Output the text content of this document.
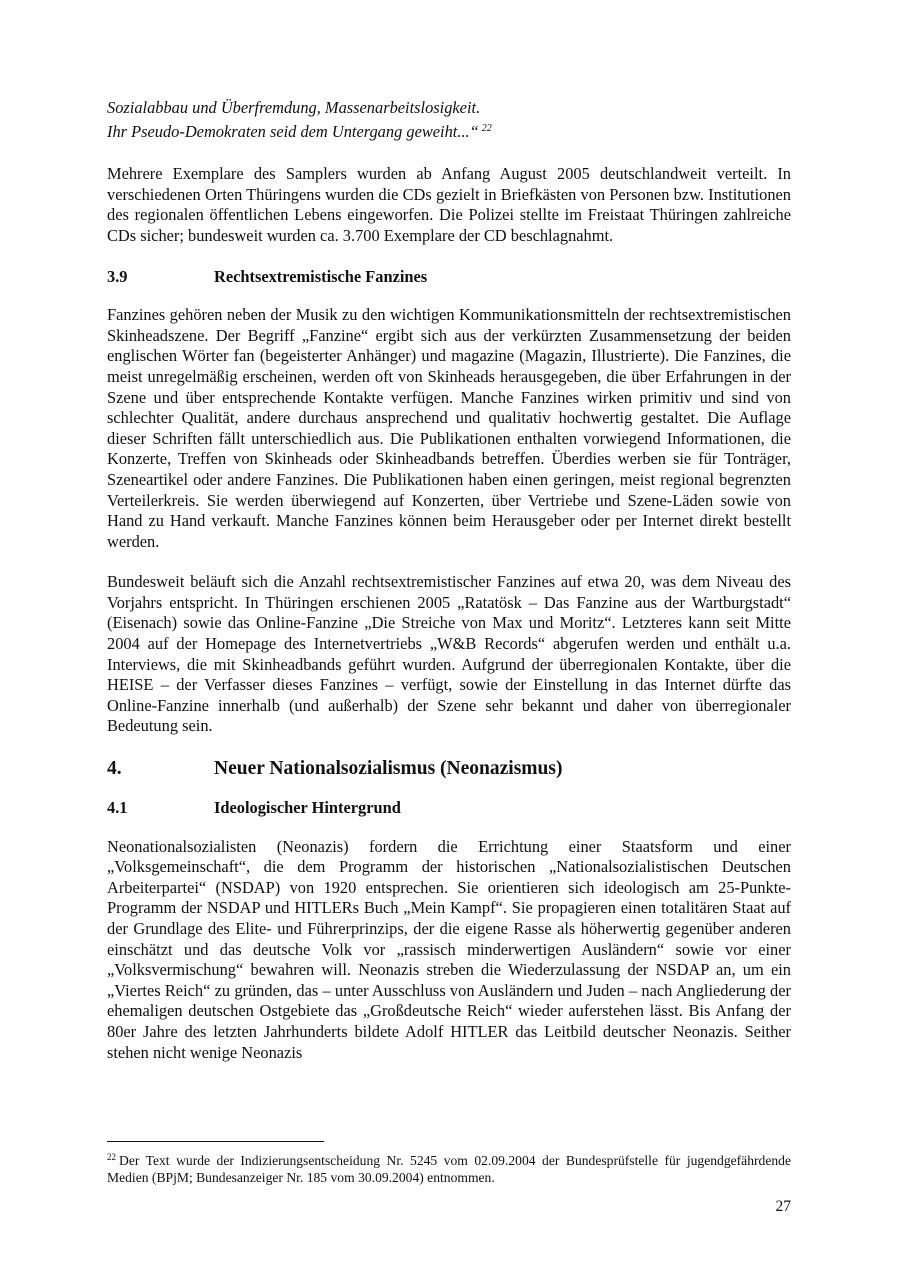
Sozialabbau und Überfremdung, Massenarbeitslosigkeit.

Ihr Pseudo-Demokraten seid dem Untergang geweiht...“ $^{22}$

Mehrere Exemplare des Samplers wurden ab Anfang August 2005 deutschlandweit verteilt. In verschiedenen Orten Thüringens wurden die CDs gezielt in Briefkästen von Personen bzw. Institutionen des regionalen öffentlichen Lebens eingeworfen. Die Polizei stellte im Freistaat Thüringen zahlreiche CDs sicher; bundesweit wurden ca. 3.700 Exemplare der CD beschlagnahmt.

3.9	Rechtsextremistische Fanzines

Fanzines gehören neben der Musik zu den wichtigen Kommunikationsmitteln der rechtsextremistischen Skinheadszene. Der Begriff „Fanzine“ ergibt sich aus der verkürzten Zusammensetzung der beiden englischen Wörter fan (begeisterter Anhänger) und magazine (Magazin, Illustrierte). Die Fanzines, die meist unregelmäßig erscheinen, werden oft von Skinheads herausgegeben, die über Erfahrungen in der Szene und über entsprechende Kontakte verfügen. Manche Fanzines wirken primitiv und sind von schlechter Qualität, andere durchaus ansprechend und qualitativ hochwertig gestaltet. Die Auflage dieser Schriften fällt unterschiedlich aus. Die Publikationen enthalten vorwiegend Informationen, die Konzerte, Treffen von Skinheads oder Skinheadbands betreffen. Überdies werben sie für Tonträger, Szeneartikel oder andere Fanzines. Die Publikationen haben einen geringen, meist regional begrenzten Verteilerkreis. Sie werden überwiegend auf Konzerten, über Vertriebe und Szene-Läden sowie von Hand zu Hand verkauft. Manche Fanzines können beim Herausgeber oder per Internet direkt bestellt werden.

Bundesweit beläuft sich die Anzahl rechtsextremistischer Fanzines auf etwa 20, was dem Niveau des Vorjahrs entspricht. In Thüringen erschienen 2005 „Ratatösk – Das Fanzine aus der Wartburgstadt“ (Eisenach) sowie das Online-Fanzine „Die Streiche von Max und Moritz“. Letzteres kann seit Mitte 2004 auf der Homepage des Internetvertriebs „W&B Records“ abgerufen werden und enthält u.a. Interviews, die mit Skinheadbands geführt wurden. Aufgrund der überregionalen Kontakte, über die HEISE – der Verfasser dieses Fanzines – verfügt, sowie der Einstellung in das Internet dürfte das Online-Fanzine innerhalb (und außerhalb) der Szene sehr bekannt und daher von überregionaler Bedeutung sein.

4.	Neuer Nationalsozialismus (Neonazismus)
4.1	Ideologischer Hintergrund

Neonationalsozialisten (Neonazis) fordern die Errichtung einer Staatsform und einer „Volksgemeinschaft“, die dem Programm der historischen „Nationalsozialistischen Deutschen Arbeiterpartei“ (NSDAP) von 1920 entsprechen. Sie orientieren sich ideologisch am 25-Punkte-Programm der NSDAP und HITLERs Buch „Mein Kampf“. Sie propagieren einen totalitären Staat auf der Grundlage des Elite- und Führerprinzips, der die eigene Rasse als höherwertig gegenüber anderen einschätzt und das deutsche Volk vor „rassisch minderwertigen Ausländern“ sowie vor einer „Volksvermischung“ bewahren will. Neonazis streben die Wiederzulassung der NSDAP an, um ein „Viertes Reich“ zu gründen, das – unter Ausschluss von Ausländern und Juden – nach Angliederung der ehemaligen deutschen Ostgebiete das „Großdeutsche Reich“ wieder auferstehen lässt. Bis Anfang der 80er Jahre des letzten Jahrhunderts bildete Adolf HITLER das Leitbild deutscher Neonazis. Seither stehen nicht wenige Neonazis

$^{22}$ Der Text wurde der Indizierungsentscheidung Nr. 5245 vom 02.09.2004 der Bundesprüfstelle für jugendgefährdende Medien (BPjM; Bundesanzeiger Nr. 185 vom 30.09.2004) entnommen.
27
